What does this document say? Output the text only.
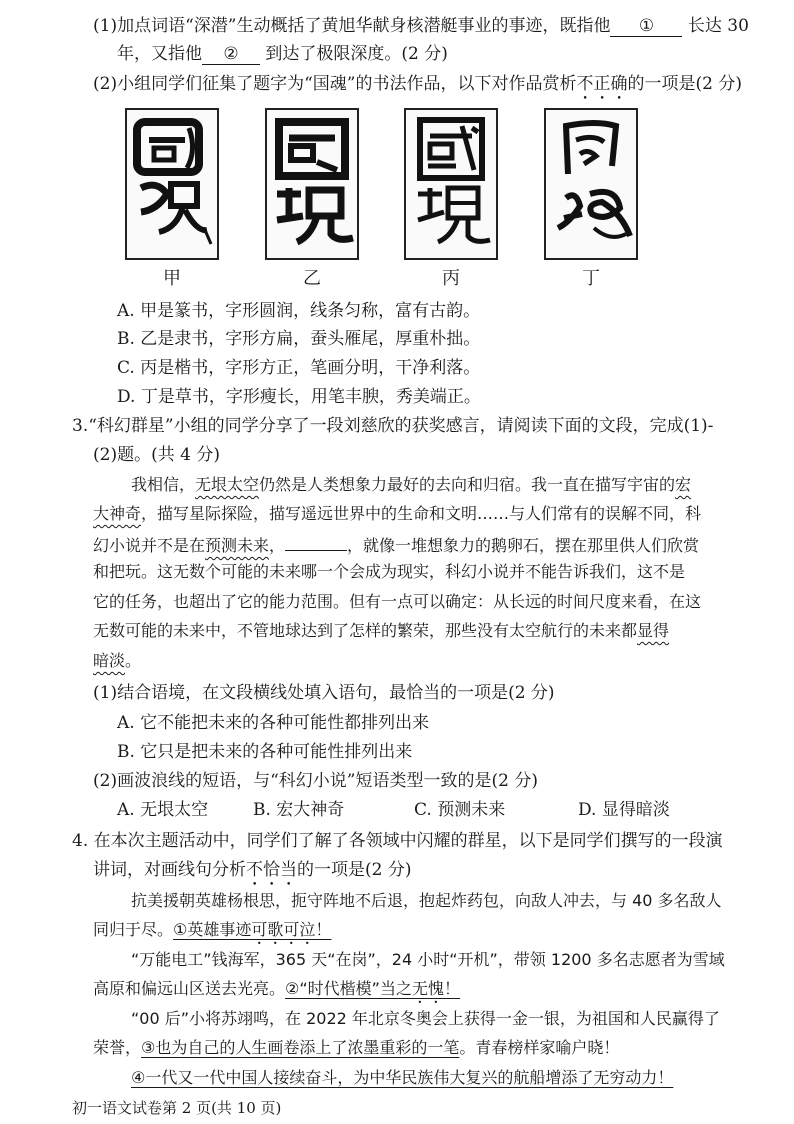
(1)加点词语“深潜”生动概括了黄旭华献身核潜艇事业的事迹，既指他 ① 长达 30
年，又指他 ② 到达了极限深度。(2 分)
(2)小组同学们征集了题字为“国魂”的书法作品，以下对作品赏析不正确的一项是(2 分)
甲	乙	丙	丁
A. 甲是篆书，字形圆润，线条匀称，富有古韵。
B. 乙是隶书，字形方扁，蚕头雁尾，厚重朴拙。
C. 丙是楷书，字形方正，笔画分明，干净利落。
D. 丁是草书，字形瘦长，用笔丰腴，秀美端正。
3.“科幻群星”小组的同学分享了一段刘慈欣的获奖感言，请阅读下面的文段，完成(1)-
(2)题。(共 4 分)
我相信，无垠太空仍然是人类想象力最好的去向和归宿。我一直在描写宇宙的宏
大神奇，描写星际探险，描写遥远世界中的生命和文明……与人们常有的误解不同，科
幻小说并不是在预测未来，	，就像一堆想象力的鹅卵石，摆在那里供人们欣赏
和把玩。这无数个可能的未来哪一个会成为现实，科幻小说并不能告诉我们，这不是
它的任务，也超出了它的能力范围。但有一点可以确定：从长远的时间尺度来看，在这
无数可能的未来中，不管地球达到了怎样的繁荣，那些没有太空航行的未来都显得
暗淡。
(1)结合语境，在文段横线处填入语句，最恰当的一项是(2 分)
A. 它不能把未来的各种可能性都排列出来
B. 它只是把未来的各种可能性排列出来
(2)画波浪线的短语，与“科幻小说”短语类型一致的是(2 分)
A. 无垠太空	B. 宏大神奇	C. 预测未来	D. 显得暗淡
4. 在本次主题活动中，同学们了解了各领域中闪耀的群星，以下是同学们撰写的一段演
讲词，对画线句分析不恰当的一项是(2 分)
抗美援朝英雄杨根思，扼守阵地不后退，抱起炸药包，向敌人冲去，与 40 多名敌人
同归于尽。①英雄事迹可歌可泣！
“万能电工”钱海军，365 天“在岗”，24 小时“开机”，带领 1200 多名志愿者为雪域
高原和偏远山区送去光亮。②“时代楷模”当之无愧！
“00 后”小将苏翊鸣，在 2022 年北京冬奥会上获得一金一银，为祖国和人民赢得了
荣誉，③也为自己的人生画卷添上了浓墨重彩的一笔。青春榜样家喻户晓！
④一代又一代中国人接续奋斗，为中华民族伟大复兴的航船增添了无穷动力！
初一语文试卷第 2 页(共 10 页)
